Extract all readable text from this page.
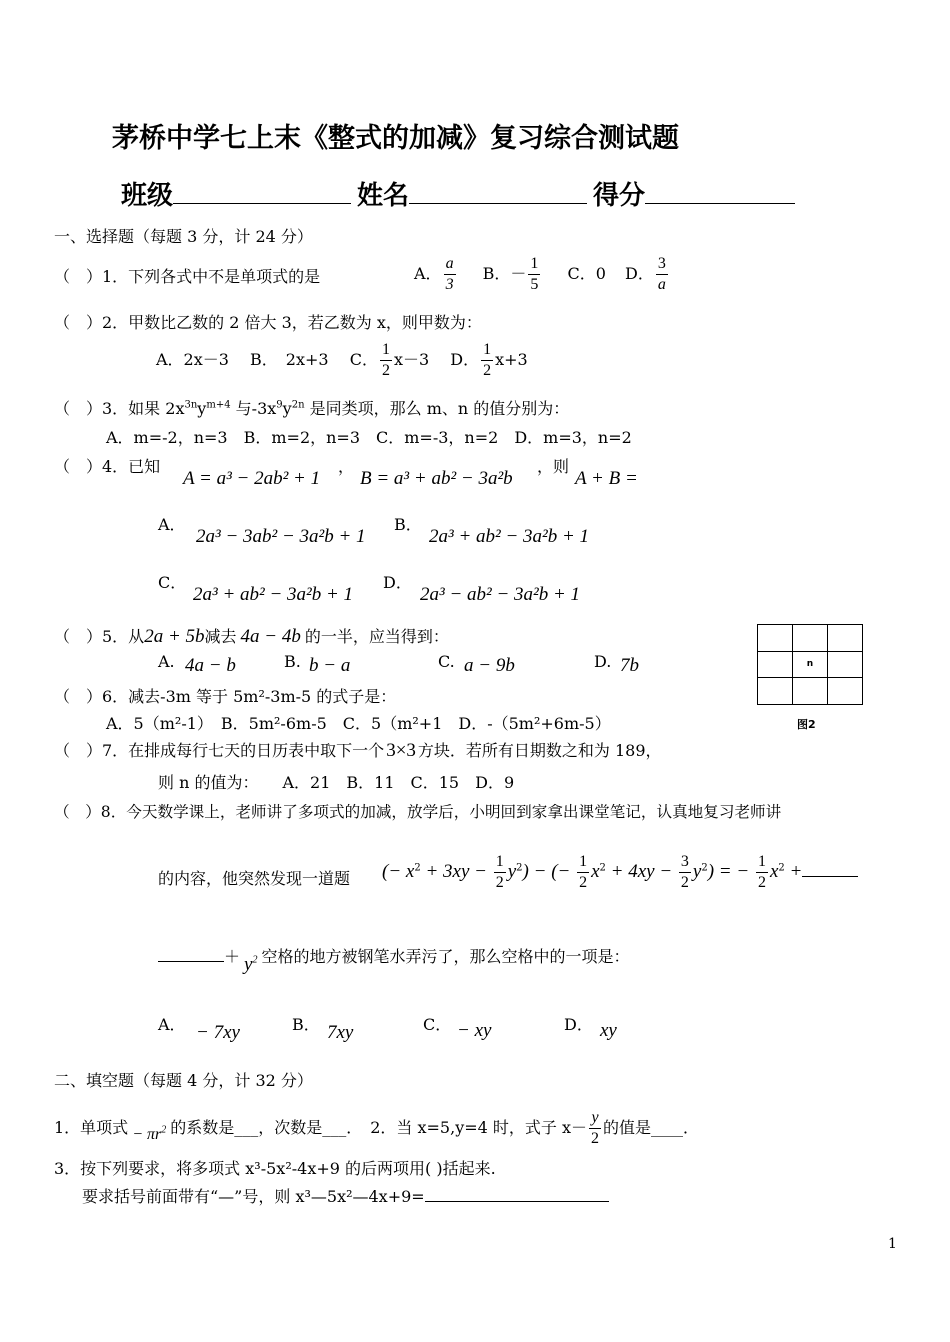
茅桥中学七上末《整式的加减》复习综合测试题
班级	姓名	得分
一、选择题（每题 3 分，计 24 分）
（　）1．下列各式中不是单项式的是	A． $\frac{a}{3}$ B．－ $\frac{1}{5}$ C．0 D． $\frac{3}{a}$
（　）2．甲数比乙数的 2 倍大 3，若乙数为 x，则甲数为：
A．2x－3 B．　2x+3 C． $\frac{1}{2} x-3$ D． $\frac{1}{2} x+3$
（　）3．如果 $2x^{3n}y^{m+4}$ 与$-3x^9y^{2n}$ 是同类项，那么 m、n 的值分别为：
A．m=-2，n=3　B．m=2，n=3　C．m=-3，n=2　D．m=3，n=2
（　）4．已知
A = a³ − 2ab² + 1
，
B = a³ + ab² − 3a²b
，则
A + B =
A．
2a³ − 3ab² − 3a²b + 1
B．
2a³ + ab² − 3a²b + 1
C．
2a³ + ab² − 3a²b + 1
D．
2a³ − ab² − 3a²b + 1
（　）5．从2a + 5b减去 4a − 4b 的一半，应当得到：
A. 4a − b	B. b − a	C. a − 9b	D. 7b

		n	

图2
（　）6．减去-3m 等于 5m²-3m-5 的式子是：
A．5（m²-1）　B．5m²-6m-5　C．5（m²+1　D．-（5m²+6m-5）
（　）7．在排成每行七天的日历表中取下一个 3×3 方块．若所有日期数之和为 189，
则 n 的值为：　　A．21　B．11　C．15　D．9
（　）8．今天数学课上，老师讲了多项式的加减，放学后，小明回到家拿出课堂笔记，认真地复习老师讲
的内容，他突然发现一道题 (− $x^2 + 3xy - \frac{1}{2} y^2$) − (− $\frac{1}{2} x^2 + 4xy - \frac{3}{2} y^2$) = − $\frac{1}{2} x^2$ +
＋ $y^2$ 空格的地方被钢笔水弄污了，那么空格中的一项是：
A． − 7xy	B． 7xy	C． − xy	D． xy
二、填空题（每题 4 分，计 32 分）
1．单项式 − $\pi r^2$ 的系数是___，次数是___．　2．当 x=5,y=4 时，式子 $x- \frac{y}{2}$ 的值是____．
3．按下列要求，将多项式 x³-5x²-4x+9 的后两项用( )括起来.
要求括号前面带有“—”号，则 x³—5x²—4x+9=
1
